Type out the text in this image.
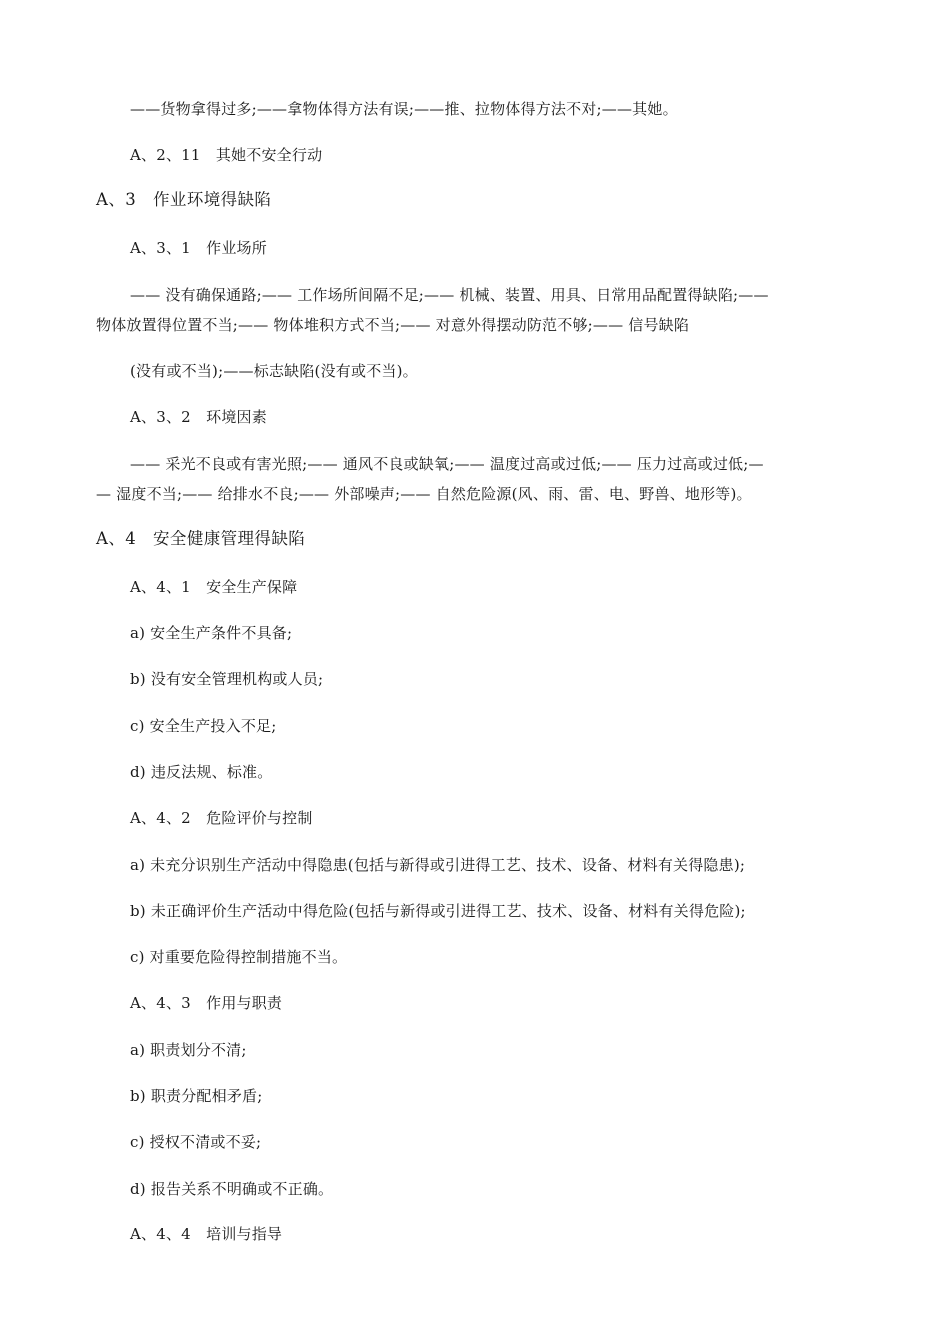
——货物拿得过多;——拿物体得方法有误;——推、拉物体得方法不对;——其她。
A、2、11　其她不安全行动
A、3　作业环境得缺陷
A、3、1　作业场所
—— 没有确保通路;—— 工作场所间隔不足;—— 机械、装置、用具、日常用品配置得缺陷;——
物体放置得位置不当;—— 物体堆积方式不当;—— 对意外得摆动防范不够;—— 信号缺陷
(没有或不当);——标志缺陷(没有或不当)。
A、3、2　环境因素
—— 采光不良或有害光照;—— 通风不良或缺氧;—— 温度过高或过低;—— 压力过高或过低;—
— 湿度不当;—— 给排水不良;—— 外部噪声;—— 自然危险源(风、雨、雷、电、野兽、地形等)。
A、4　安全健康管理得缺陷
A、4、1　安全生产保障
a) 安全生产条件不具备;
b) 没有安全管理机构或人员;
c) 安全生产投入不足;
d) 违反法规、标准。
A、4、2　危险评价与控制
a) 未充分识别生产活动中得隐患(包括与新得或引进得工艺、技术、设备、材料有关得隐患);
b) 未正确评价生产活动中得危险(包括与新得或引进得工艺、技术、设备、材料有关得危险);
c) 对重要危险得控制措施不当。
A、4、3　作用与职责
a) 职责划分不清;
b) 职责分配相矛盾;
c) 授权不清或不妥;
d) 报告关系不明确或不正确。
A、4、4　培训与指导
